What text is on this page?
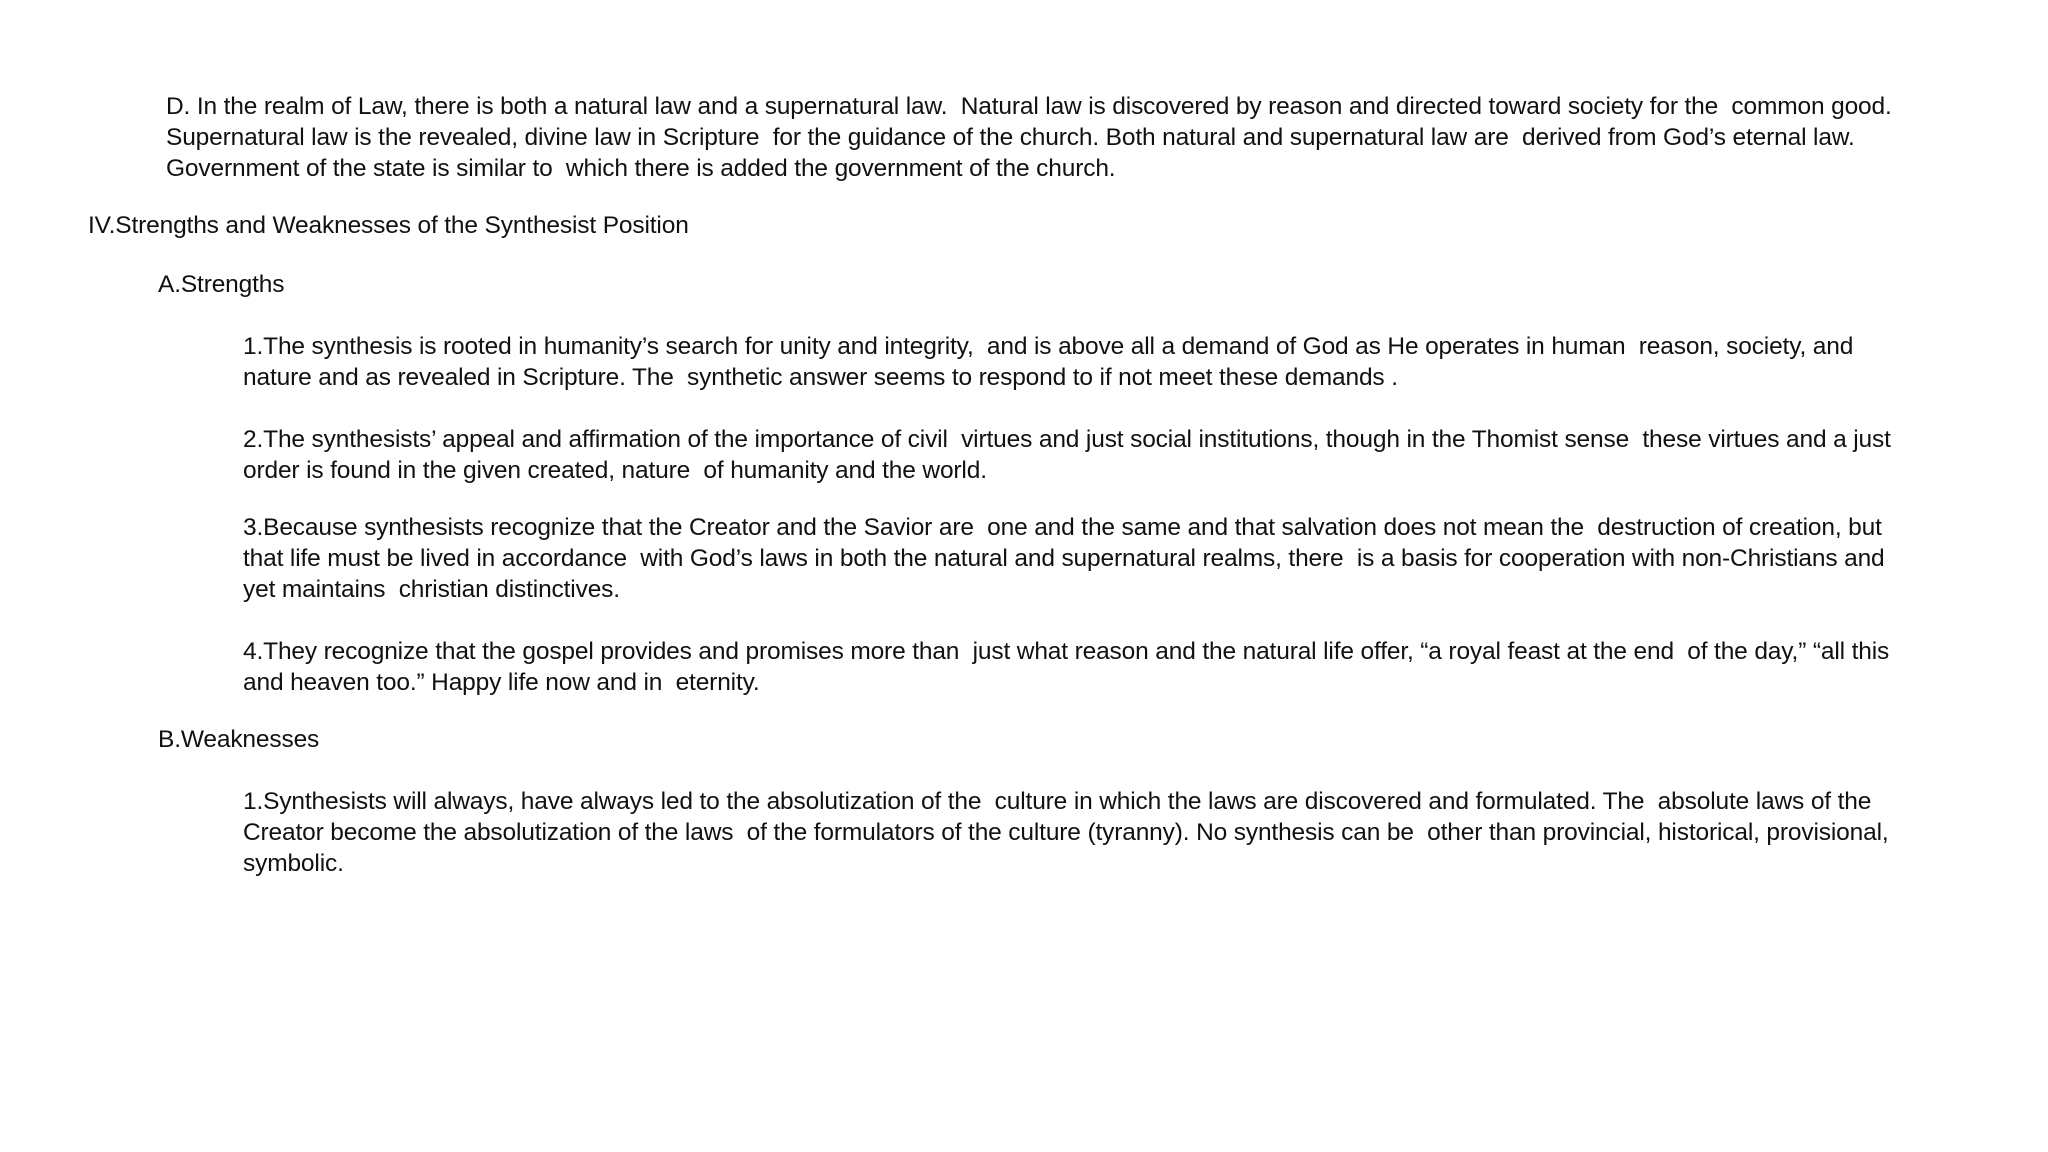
D. In the realm of Law, there is both a natural law and a supernatural law.  Natural law is discovered by reason and directed toward society for the  common good.
Supernatural law is the revealed, divine law in Scripture  for the guidance of the church. Both natural and supernatural law are  derived from God’s eternal law.
Government of the state is similar to  which there is added the government of the church.
IV.Strengths and Weaknesses of the Synthesist Position
A.Strengths
1.The synthesis is rooted in humanity’s search for unity and integrity,  and is above all a demand of God as He operates in human  reason, society, and
nature and as revealed in Scripture. The  synthetic answer seems to respond to if not meet these demands .
2.The synthesists’ appeal and affirmation of the importance of civil  virtues and just social institutions, though in the Thomist sense  these virtues and a just
order is found in the given created, nature  of humanity and the world.
3.Because synthesists recognize that the Creator and the Savior are  one and the same and that salvation does not mean the  destruction of creation, but
that life must be lived in accordance  with God’s laws in both the natural and supernatural realms, there  is a basis for cooperation with non-Christians and
yet maintains  christian distinctives.
4.They recognize that the gospel provides and promises more than  just what reason and the natural life offer, “a royal feast at the end  of the day,” “all this
and heaven too.” Happy life now and in  eternity.
B.Weaknesses
1.Synthesists will always, have always led to the absolutization of the  culture in which the laws are discovered and formulated. The  absolute laws of the
Creator become the absolutization of the laws  of the formulators of the culture (tyranny). No synthesis can be  other than provincial, historical, provisional,
symbolic.
